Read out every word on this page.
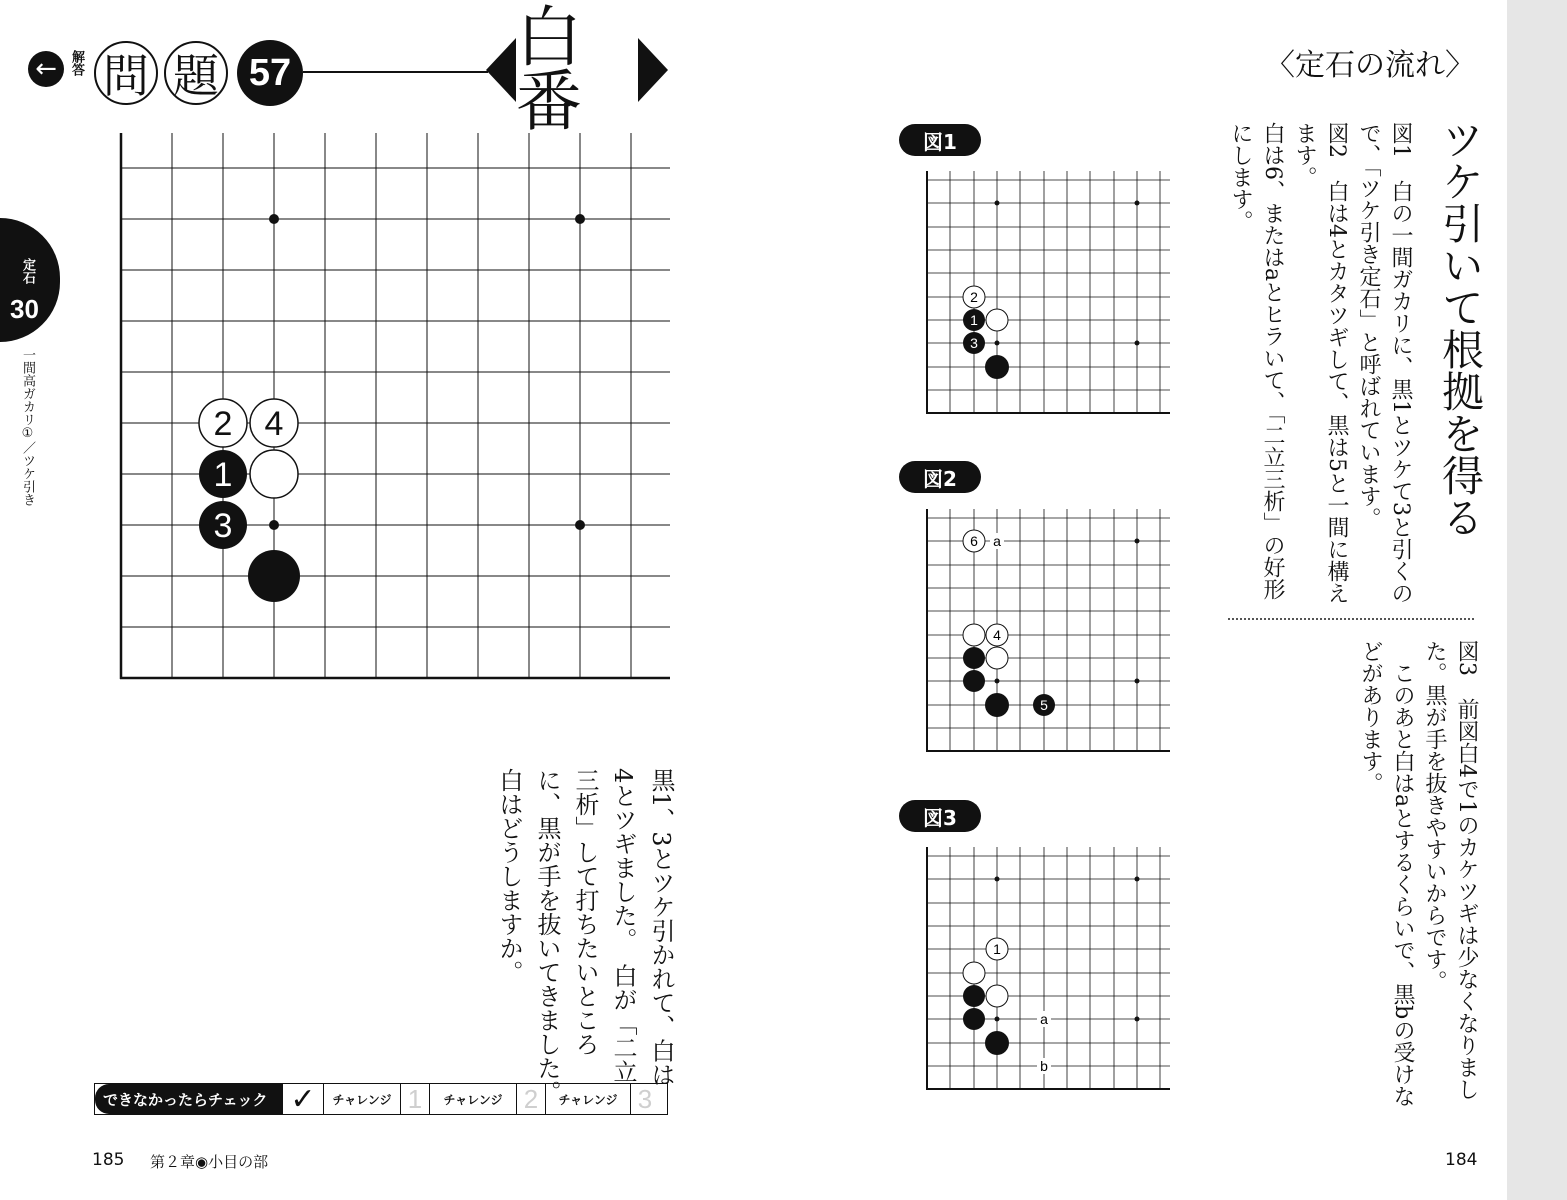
← 解答 問 題 57	白番	〈定石の流れ〉
定石
30
一間高ガカリ①／ツケ引き	2 4
1
3
黒1、3とツケ引かれて、白は4とツギました。　白が「二立三析」して打ちたいところに、黒が手を抜いてきました。　白はどうしますか。
できなかったらチェック ✓	チャレンジ 1	チャレンジ 2	チャレンジ 3
図1
図2
図3
2
1
3
6 a
4
5
1
a
b
ツケ引いて根拠を得る
図1　白の一間ガカリに、黒1とツケて3と引くので、「ツケ引き定石」と呼ばれています。
図2　白は4とカタツギして、黒は5と一間に構えます。
白は6、またはaとヒラいて、「二立三析」の好形にします。
図3　前図白4で1のカケツギは少なくなりました。黒が手を抜きやすいからです。
　このあと白はaとするくらいで、黒bの受けなどがあります。
185 第２章◉小目の部	184
